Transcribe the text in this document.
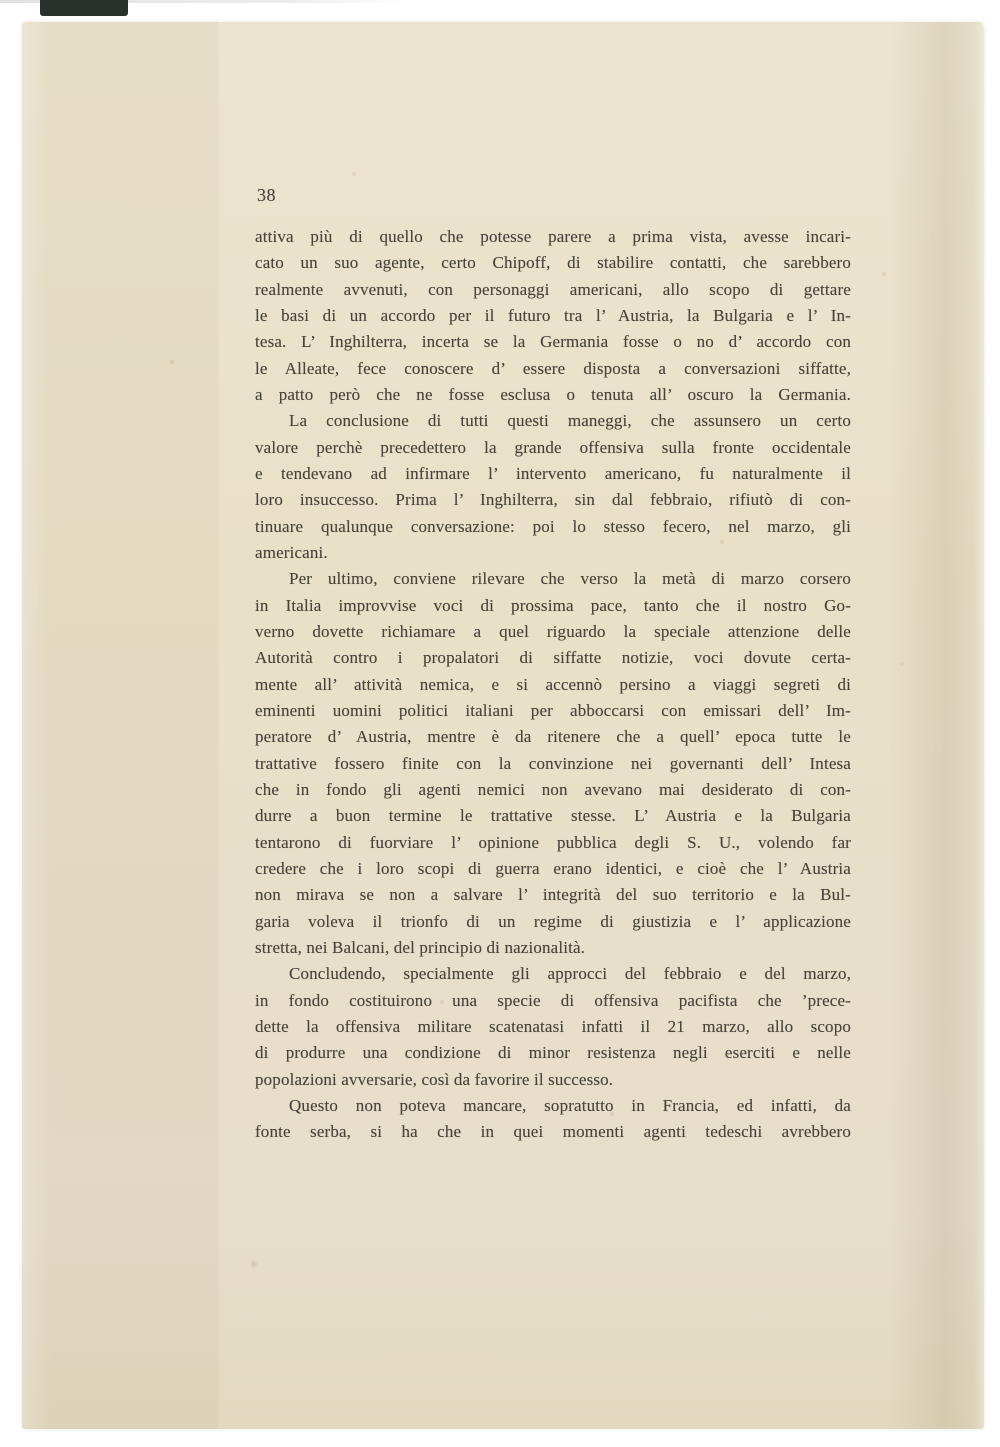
38
attiva più di quello che potesse parere a prima vista, avesse incari-
cato un suo agente, certo Chipoff, di stabilire contatti, che sarebbero
realmente avvenuti, con personaggi americani, allo scopo di gettare
le basi di un accordo per il futuro tra l’ Austria, la Bulgaria e l’ In-
tesa. L’ Inghilterra, incerta se la Germania fosse o no d’ accordo con
le Alleate, fece conoscere d’ essere disposta a conversazioni siffatte,
a patto però che ne fosse esclusa o tenuta all’ oscuro la Germania.
La conclusione di tutti questi maneggi, che assunsero un certo
valore perchè precedettero la grande offensiva sulla fronte occidentale
e tendevano ad infirmare l’ intervento americano, fu naturalmente il
loro insuccesso. Prima l’ Inghilterra, sin dal febbraio, rifiutò di con-
tinuare qualunque conversazione: poi lo stesso fecero, nel marzo, gli
americani.
Per ultimo, conviene rilevare che verso la metà di marzo corsero
in Italia improvvise voci di prossima pace, tanto che il nostro Go-
verno dovette richiamare a quel riguardo la speciale attenzione delle
Autorità contro i propalatori di siffatte notizie, voci dovute certa-
mente all’ attività nemica, e si accennò persino a viaggi segreti di
eminenti uomini politici italiani per abboccarsi con emissari dell’ Im-
peratore d’ Austria, mentre è da ritenere che a quell’ epoca tutte le
trattative fossero finite con la convinzione nei governanti dell’ Intesa
che in fondo gli agenti nemici non avevano mai desiderato di con-
durre a buon termine le trattative stesse. L’ Austria e la Bulgaria
tentarono di fuorviare l’ opinione pubblica degli S. U., volendo far
credere che i loro scopi di guerra erano identici, e cioè che l’ Austria
non mirava se non a salvare l’ integrità del suo territorio e la Bul-
garia voleva il trionfo di un regime di giustizia e l’ applicazione
stretta, nei Balcani, del principio di nazionalità.
Concludendo, specialmente gli approcci del febbraio e del marzo,
in fondo costituirono una specie di offensiva pacifista che ’prece-
dette la offensiva militare scatenatasi infatti il 21 marzo, allo scopo
di produrre una condizione di minor resistenza negli eserciti e nelle
popolazioni avversarie, così da favorire il successo.
Questo non poteva mancare, sopratutto in Francia, ed infatti, da
fonte serba, si ha che in quei momenti agenti tedeschi avrebbero
